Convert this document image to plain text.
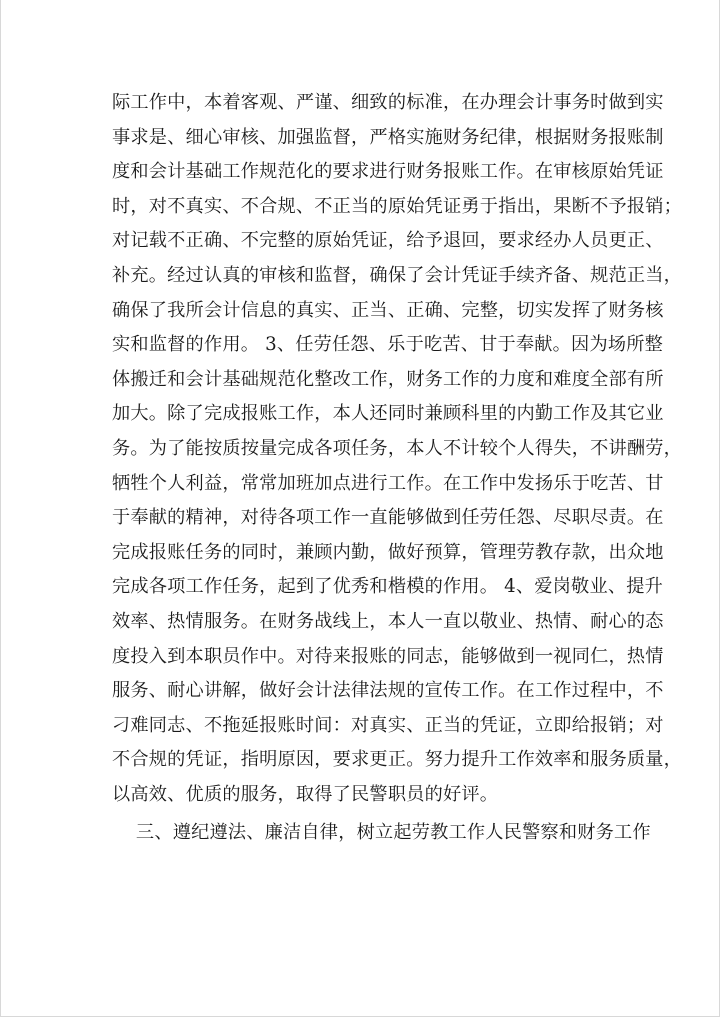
际工作中，本着客观、严谨、细致的标准，在办理会计事务时做到实
事求是、细心审核、加强监督，严格实施财务纪律，根据财务报账制
度和会计基础工作规范化的要求进行财务报账工作。在审核原始凭证
时，对不真实、不合规、不正当的原始凭证勇于指出，果断不予报销；
对记载不正确、不完整的原始凭证，给予退回，要求经办人员更正、
补充。经过认真的审核和监督，确保了会计凭证手续齐备、规范正当，
确保了我所会计信息的真实、正当、正确、完整，切实发挥了财务核
实和监督的作用。 3、任劳任怨、乐于吃苦、甘于奉献。因为场所整
体搬迁和会计基础规范化整改工作，财务工作的力度和难度全部有所
加大。除了完成报账工作，本人还同时兼顾科里的内勤工作及其它业
务。为了能按质按量完成各项任务，本人不计较个人得失，不讲酬劳，
牺牲个人利益，常常加班加点进行工作。在工作中发扬乐于吃苦、甘
于奉献的精神，对待各项工作一直能够做到任劳任怨、尽职尽责。在
完成报账任务的同时，兼顾内勤，做好预算，管理劳教存款，出众地
完成各项工作任务，起到了优秀和楷模的作用。 4、爱岗敬业、提升
效率、热情服务。在财务战线上，本人一直以敬业、热情、耐心的态
度投入到本职员作中。对待来报账的同志，能够做到一视同仁，热情
服务、耐心讲解，做好会计法律法规的宣传工作。在工作过程中，不
刁难同志、不拖延报账时间：对真实、正当的凭证，立即给报销；对
不合规的凭证，指明原因，要求更正。努力提升工作效率和服务质量，
以高效、优质的服务，取得了民警职员的好评。
三、遵纪遵法、廉洁自律，树立起劳教工作人民警察和财务工作
